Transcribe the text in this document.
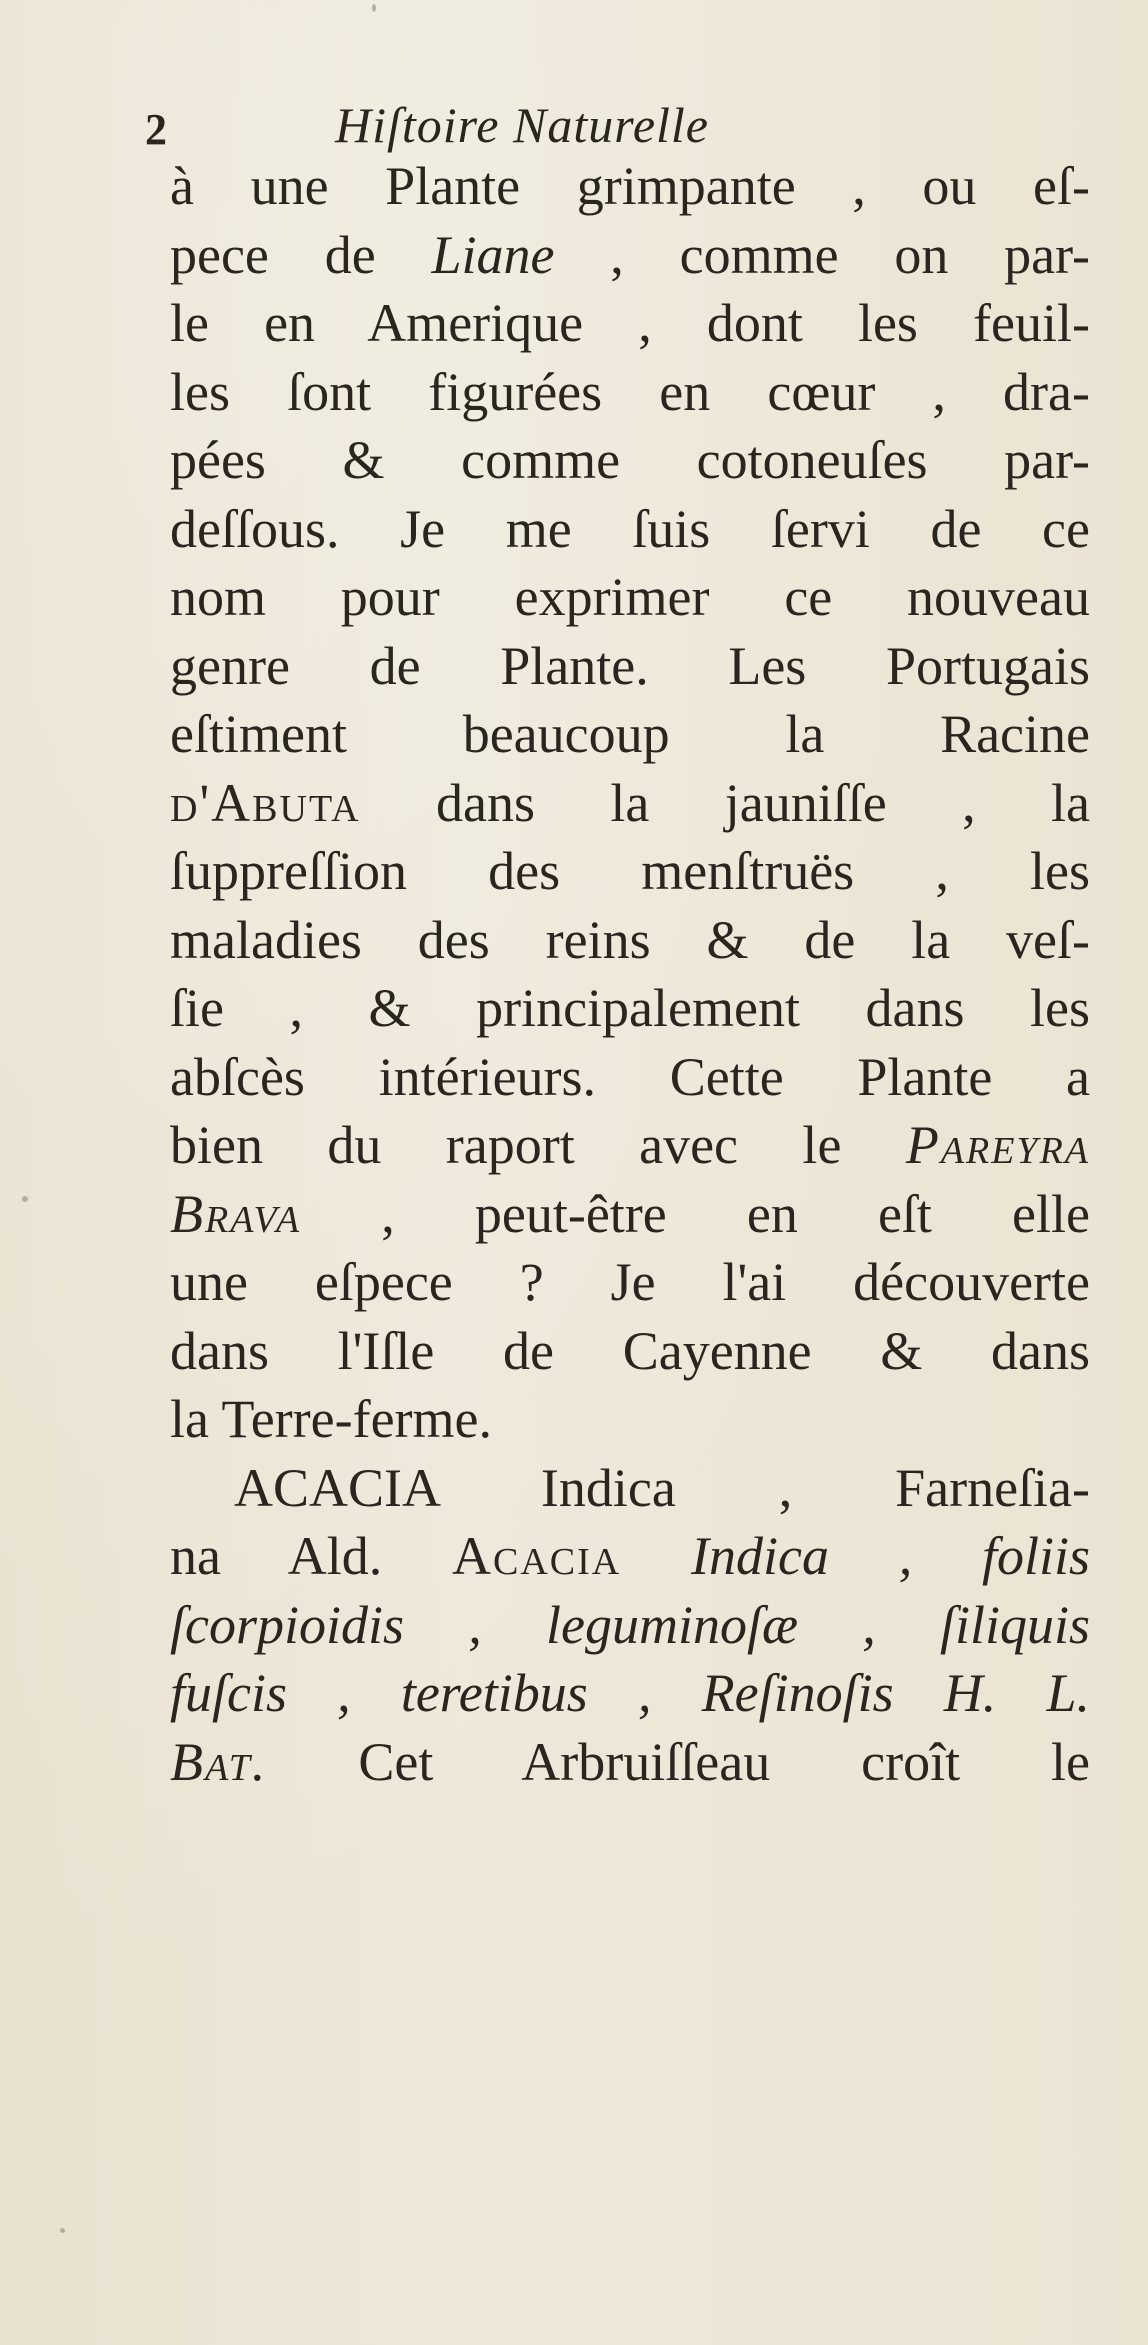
2	Hiſtoire Naturelle
à une Plante grimpante , ou eſ-
pece de Liane , comme on par-
le en Amerique , dont les feuil-
les ſont figurées en cœur , dra-
pées & comme cotoneuſes par-
deſſous. Je me ſuis ſervi de ce
nom pour exprimer ce nouveau
genre de Plante. Les Portugais
eſtiment beaucoup la Racine
d'Abuta dans la jauniſſe , la
ſuppreſſion des menſtruës , les
maladies des reins & de la veſ-
ſie , & principalement dans les
abſcès intérieurs. Cette Plante a
bien du raport avec le Pareyra
Brava , peut-être en eſt elle
une eſpece ? Je l'ai découverte
dans l'Iſle de Cayenne & dans
la Terre-ferme.
ACACIA Indica , Farneſia-
na Ald. Acacia Indica , foliis
ſcorpioidis , leguminoſæ , ſiliquis
fuſcis , teretibus , Reſinoſis H. L.
Bat. Cet Arbruiſſeau croît le
